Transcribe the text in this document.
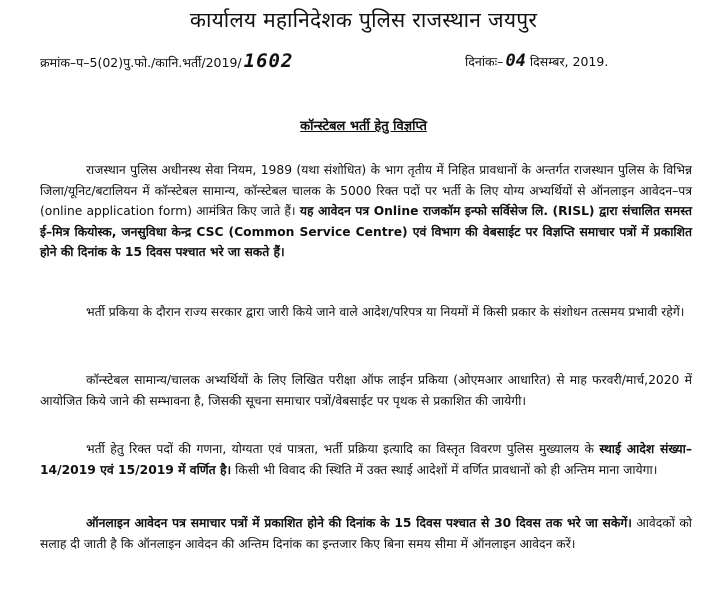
कार्यालय महानिदेशक पुलिस राजस्थान जयपुर
क्रमांक–प–5(02)पु.फो./कानि.भर्ती/2019/ 1602	दिनांकः– 04 दिसम्बर, 2019.
कॉन्स्टेबल भर्ती हेतु विज्ञप्ति

राजस्थान पुलिस अधीनस्थ सेवा नियम, 1989 (यथा संशोधित) के भाग तृतीय में निहित प्रावधानों के अन्तर्गत राजस्थान पुलिस के विभिन्न जिला/यूनिट/बटालियन में कॉन्स्टेबल सामान्य, कॉन्स्टेबल चालक के 5000 रिक्त पदों पर भर्ती के लिए योग्य अभ्यर्थियों से ऑनलाइन आवेदन–पत्र (online application form) आमंत्रित किए जाते हैं। यह आवेदन पत्र Online राजकॉम इन्फो सर्विसेज लि. (RISL) द्वारा संचालित समस्त ई–मित्र कियोस्क, जनसुविधा केन्द्र CSC (Common Service Centre) एवं विभाग की वेबसाईट पर विज्ञप्ति समाचार पत्रों में प्रकाशित होने की दिनांक के 15 दिवस पश्चात भरे जा सकते हैं।

भर्ती प्रकिया के दौरान राज्य सरकार द्वारा जारी किये जाने वाले आदेश/परिपत्र या नियमों में किसी प्रकार के संशोधन तत्समय प्रभावी रहेगें।

कॉन्स्टेबल सामान्य/चालक अभ्यर्थियों के लिए लिखित परीक्षा ऑफ लाईन प्रकिया (ओएमआर आधारित) से माह फरवरी/मार्च,2020 में आयोजित किये जाने की सम्भावना है, जिसकी सूचना समाचार पत्रों/वेबसाईट पर पृथक से प्रकाशित की जायेगी।

भर्ती हेतु रिक्त पदों की गणना, योग्यता एवं पात्रता, भर्ती प्रक्रिया इत्यादि का विस्तृत विवरण पुलिस मुख्यालय के स्थाई आदेश संख्या–14/2019 एवं 15/2019 में वर्णित है। किसी भी विवाद की स्थिति में उक्त स्थाई आदेशों में वर्णित प्रावधानों को ही अन्तिम माना जायेगा।

ऑनलाइन आवेदन पत्र समाचार पत्रों में प्रकाशित होने की दिनांक के 15 दिवस पश्चात से 30 दिवस तक भरे जा सकेगें। आवेदकों को सलाह दी जाती है कि ऑनलाइन आवेदन की अन्तिम दिनांक का इन्तजार किए बिना समय सीमा में ऑनलाइन आवेदन करें।
